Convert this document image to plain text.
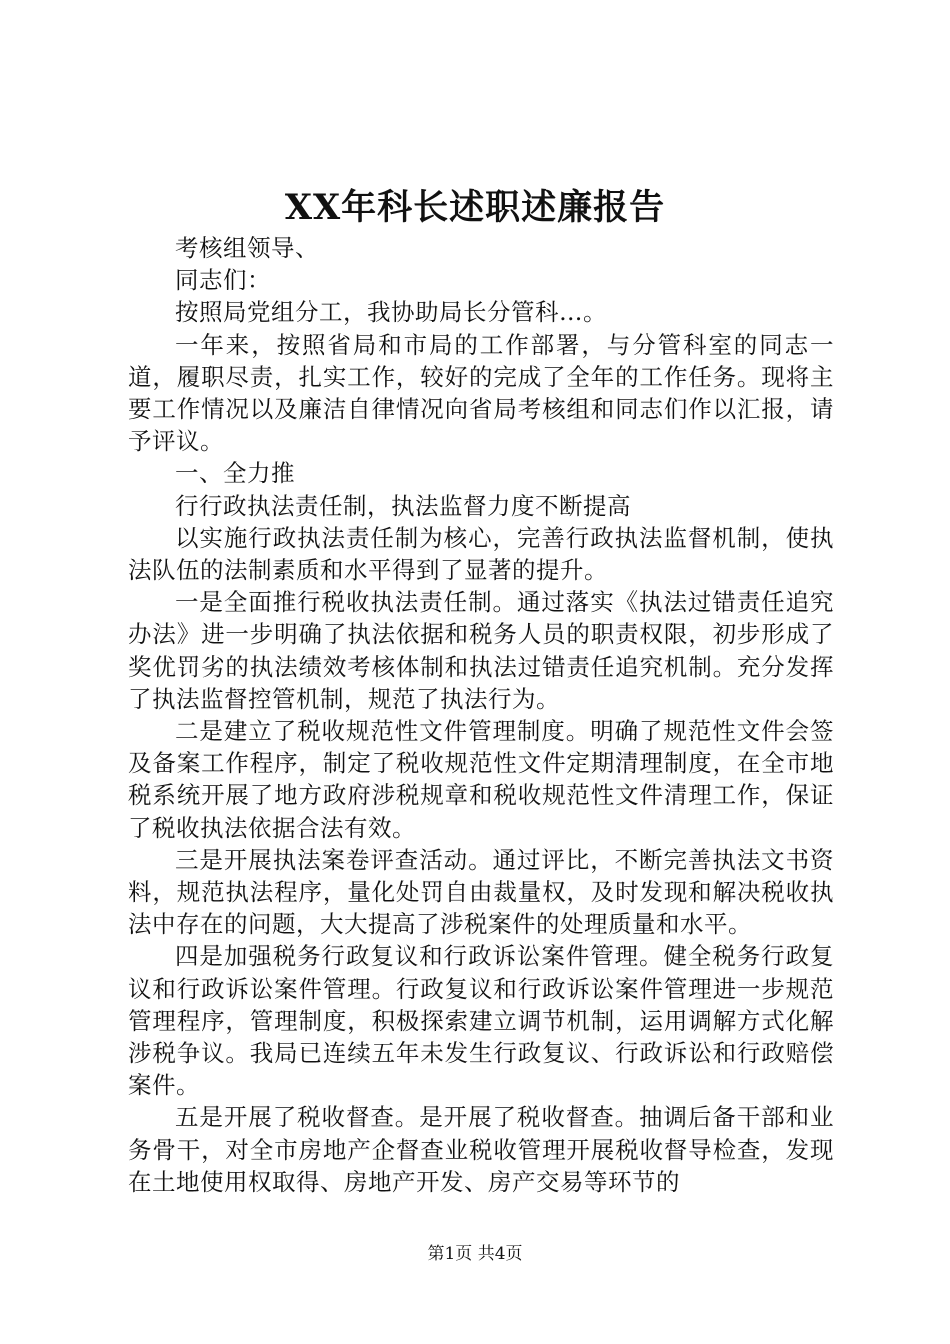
XX年科长述职述廉报告

考核组领导、

同志们：

按照局党组分工，我协助局长分管科…。

一年来，按照省局和市局的工作部署，与分管科室的同志一道，履职尽责，扎实工作，较好的完成了全年的工作任务。现将主要工作情况以及廉洁自律情况向省局考核组和同志们作以汇报，请予评议。

一、全力推

行行政执法责任制，执法监督力度不断提高

以实施行政执法责任制为核心，完善行政执法监督机制，使执法队伍的法制素质和水平得到了显著的提升。

一是全面推行税收执法责任制。通过落实《执法过错责任追究办法》进一步明确了执法依据和税务人员的职责权限，初步形成了奖优罚劣的执法绩效考核体制和执法过错责任追究机制。充分发挥了执法监督控管机制，规范了执法行为。

二是建立了税收规范性文件管理制度。明确了规范性文件会签及备案工作程序，制定了税收规范性文件定期清理制度，在全市地税系统开展了地方政府涉税规章和税收规范性文件清理工作，保证了税收执法依据合法有效。

三是开展执法案卷评查活动。通过评比，不断完善执法文书资料，规范执法程序，量化处罚自由裁量权，及时发现和解决税收执法中存在的问题，大大提高了涉税案件的处理质量和水平。

四是加强税务行政复议和行政诉讼案件管理。健全税务行政复议和行政诉讼案件管理。行政复议和行政诉讼案件管理进一步规范管理程序，管理制度，积极探索建立调节机制，运用调解方式化解涉税争议。我局已连续五年未发生行政复议、行政诉讼和行政赔偿案件。

五是开展了税收督查。是开展了税收督查。抽调后备干部和业务骨干，对全市房地产企督查业税收管理开展税收督导检查，发现在土地使用权取得、房地产开发、房产交易等环节的

第1页 共4页
